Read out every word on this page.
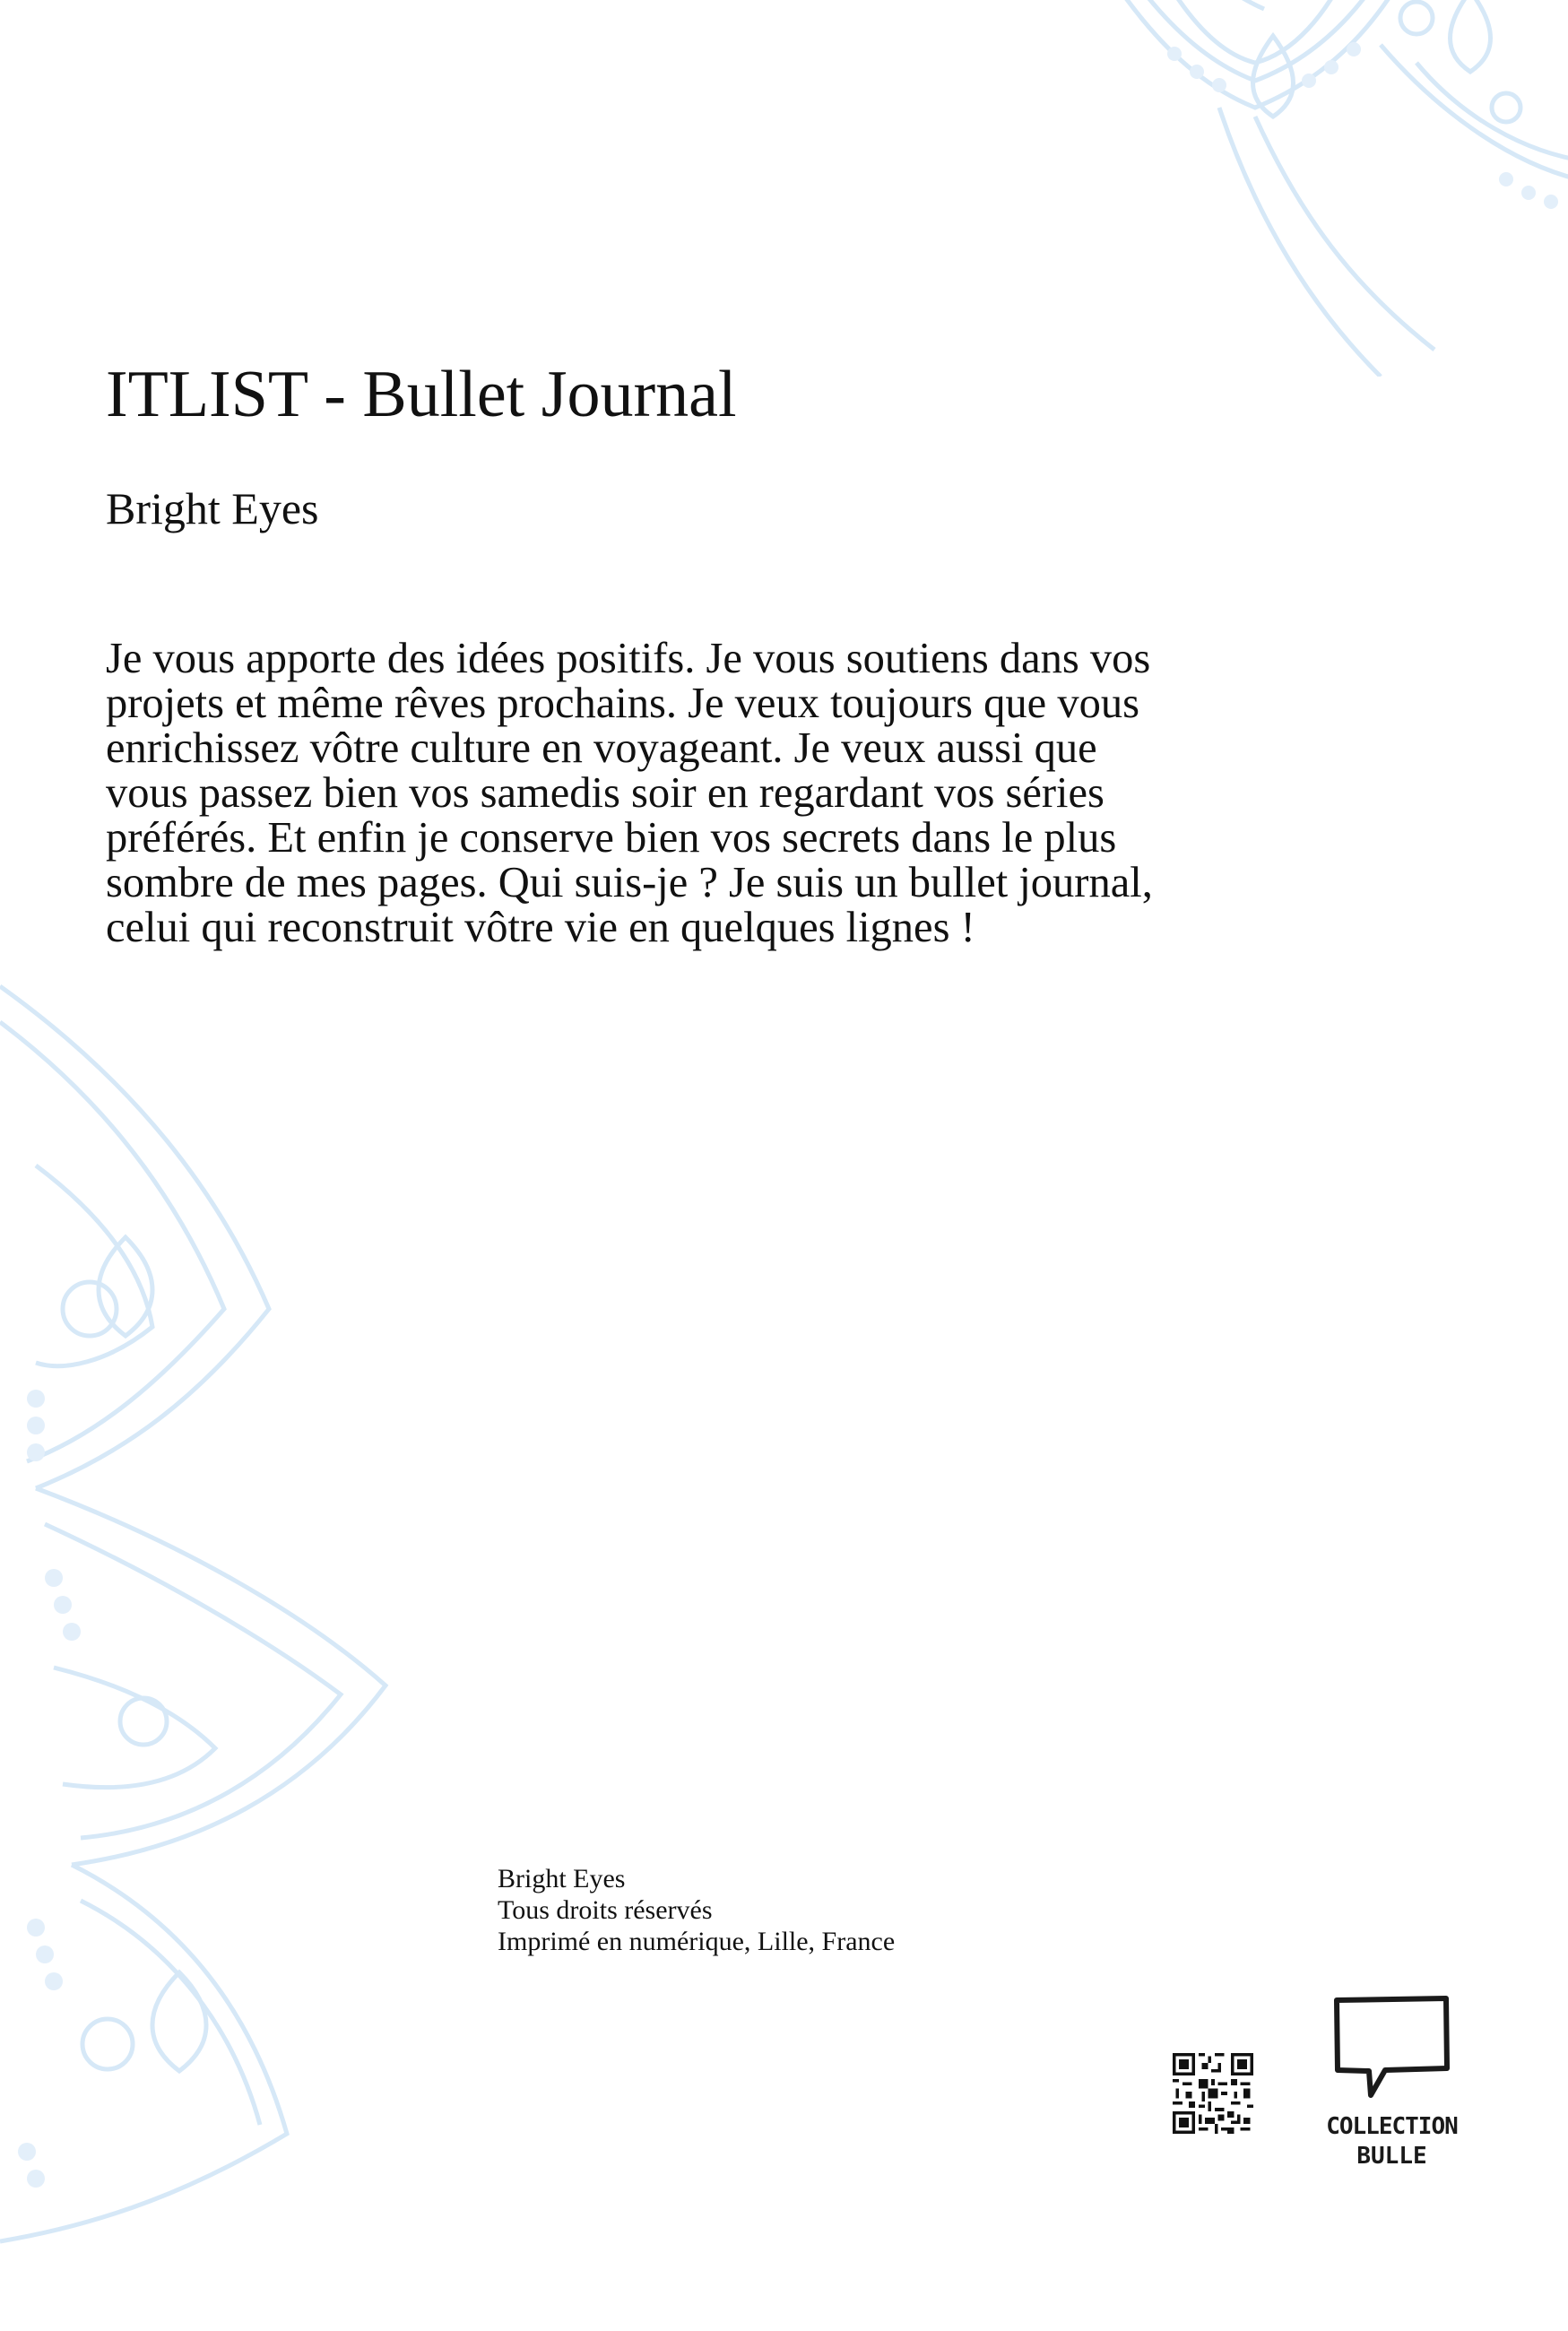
ITLIST - Bullet Journal
Bright Eyes

Je vous apporte des idées positifs. Je vous soutiens dans vos projets et même rêves prochains. Je veux toujours que vous enrichissez vôtre culture en voyageant. Je veux aussi que vous passez bien vos samedis soir en regardant vos séries préférés. Et enfin je conserve bien vos secrets dans le plus sombre de mes pages. Qui suis-je ? Je suis un bullet journal, celui qui reconstruit vôtre vie en quelques lignes !

Bright Eyes
Tous droits réservés
Imprimé en numérique, Lille, France
COLLECTION
BULLE
